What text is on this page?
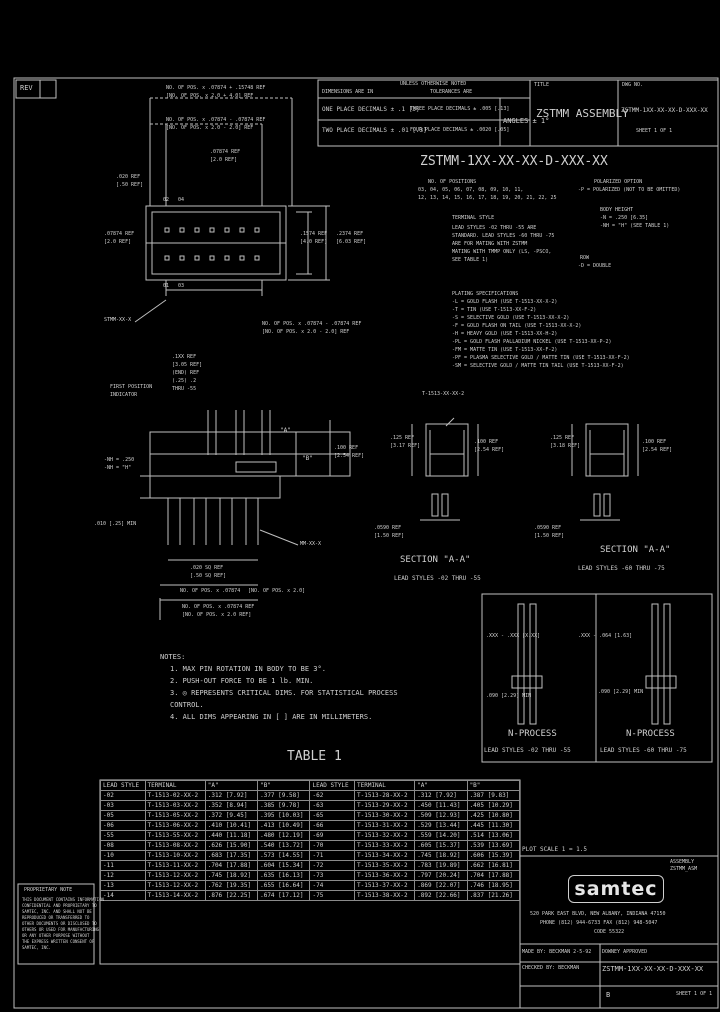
REV	UNLESS OTHERWISE NOTED
DIMENSIONS ARE IN	TOLERANCES ARE
ONE PLACE DECIMALS ± .1 [3]
TWO PLACE DECIMALS ± .01 [.3]
THREE PLACE DECIMALS ± .005 [.13]
FOUR PLACE DECIMALS ± .0020 [.05]
ANGLES ± 1°
TITLE
ZSTMM ASSEMBLY
DWG NO.
ZSTMM-1XX-XX-XX-D-XXX-XX
SHEET 1 OF 1
ZSTMM-1XX-XX-XX-D-XXX-XX
NO. OF POSITIONS
03, 04, 05, 06, 07, 08, 09, 10, 11,
12, 13, 14, 15, 16, 17, 18, 19, 20, 21, 22, 25
TERMINAL STYLE
LEAD STYLES -02 THRU -55 ARE
STANDARD. LEAD STYLES -60 THRU -75
ARE FOR MATING WITH ZSTMM
MATING WITH TMMP ONLY (LS, -PSCO,
SEE TABLE 1)
POLARIZED OPTION
-P = POLARIZED (NOT TO BE OMITTED)
BODY HEIGHT
-N = .250 [6.35]
-NH = "H" (SEE TABLE 1)
ROW
-D = DOUBLE
PLATING SPECIFICATIONS
-L = GOLD FLASH (USE T-1513-XX-X-2)
-T = TIN (USE T-1513-XX-F-2)
-S = SELECTIVE GOLD (USE T-1513-XX-X-2)
-F = GOLD FLASH ON TAIL (USE T-1513-XX-X-2)
-H = HEAVY GOLD (USE T-1513-XX-H-2)
-PL = GOLD FLASH PALLADIUM NICKEL (USE T-1513-XX-P-2)
-FM = MATTE TIN (USE T-1513-XX-F-2)
-PF = PLASMA SELECTIVE GOLD / MATTE TIN (USE T-1513-XX-F-2)
-SM = SELECTIVE GOLD / MATTE TIN TAIL (USE T-1513-XX-F-2)
NO. OF POS. x .07874 + .15748 REF
[NO. OF POS. x 2.0 + 4.0] REF
NO. OF POS. x .07874 - .07874 REF
[NO. OF POS. x 2.0 - 2.0] REF
.07874 REF
[2.0 REF]
.020 REF
[.50 REF]
.07874 REF
[2.0 REF]
.1574 REF
[4.0 REF]
.2374 REF
[6.03 REF]
02 04
01 03
STMM-XX-X
NO. OF POS. x .07874 - .07874 REF
[NO. OF POS. x 2.0 - 2.0] REF
.1XX REF
[3.05 REF]
(END) REF
(.25) .2
THRU -55
FIRST POSITION
INDICATOR
-NH = .250
-NH = "H"
"A"
"B"
.010 [.25] MIN
.100 REF
[2.54 REF]
MM-XX-X
.020 SQ REF
[.50 SQ REF]
NO. OF POS. x .07874 [NO. OF POS. x 2.0]
NO. OF POS. x .07874 REF
[NO. OF POS. x 2.0 REF]
T-1513-XX-XX-2
.125 REF
[3.17 REF]
.100 REF
[2.54 REF]
.0590 REF
[1.50 REF]
SECTION "A-A"
LEAD STYLES -02 THRU -55
.125 REF
[3.18 REF]
.100 REF
[2.54 REF]
.0590 REF
[1.50 REF]
SECTION "A-A"
LEAD STYLES -60 THRU -75
.XXX - .XXX [X.XX]
.090 [2.29] MIN
N-PROCESS
LEAD STYLES -02 THRU -55
.XXX - .064 [1.63]
.090 [2.29] MIN
N-PROCESS
LEAD STYLES -60 THRU -75
NOTES:
1. MAX PIN ROTATION IN BODY TO BE 3°.
2. PUSH-OUT FORCE TO BE 1 lb. MIN.
3. ◎ REPRESENTS CRITICAL DIMS. FOR STATISTICAL PROCESS
CONTROL.
4. ALL DIMS APPEARING IN [ ] ARE IN MILLIMETERS.
TABLE 1
LEAD STYLE	TERMINAL	"A"	"B"	LEAD STYLE	TERMINAL	"A"	"B"
-02	T-1513-02-XX-2	.312 [7.92]	.377 [9.58]	-62	T-1513-28-XX-2	.312 [7.92]	.387 [9.83]
-03	T-1513-03-XX-2	.352 [8.94]	.385 [9.78]	-63	T-1513-29-XX-2	.450 [11.43]	.405 [10.29]
-05	T-1513-05-XX-2	.372 [9.45]	.395 [10.03]	-65	T-1513-30-XX-2	.509 [12.93]	.425 [10.80]
-06	T-1513-06-XX-2	.410 [10.41]	.413 [10.49]	-66	T-1513-31-XX-2	.529 [13.44]	.445 [11.30]
-55	T-1513-55-XX-2	.440 [11.18]	.480 [12.19]	-69	T-1513-32-XX-2	.559 [14.20]	.514 [13.06]
-08	T-1513-08-XX-2	.626 [15.90]	.540 [13.72]	-70	T-1513-33-XX-2	.605 [15.37]	.539 [13.69]
-10	T-1513-10-XX-2	.683 [17.35]	.573 [14.55]	-71	T-1513-34-XX-2	.745 [18.92]	.606 [15.39]
-11	T-1513-11-XX-2	.704 [17.88]	.604 [15.34]	-72	T-1513-35-XX-2	.783 [19.89]	.662 [16.81]
-12	T-1513-12-XX-2	.745 [18.92]	.635 [16.13]	-73	T-1513-36-XX-2	.797 [20.24]	.704 [17.88]
-13	T-1513-12-XX-2	.762 [19.35]	.655 [16.64]	-74	T-1513-37-XX-2	.869 [22.07]	.746 [18.95]
-14	T-1513-14-XX-2	.876 [22.25]	.674 [17.12]	-75	T-1513-38-XX-2	.892 [22.66]	.837 [21.26]
PROPRIETARY NOTE
THIS DOCUMENT CONTAINS INFORMATION
CONFIDENTIAL AND PROPRIETARY TO
SAMTEC, INC. AND SHALL NOT BE
REPRODUCED OR TRANSFERRED TO
OTHER DOCUMENTS OR DISCLOSED TO
OTHERS OR USED FOR MANUFACTURING
OR ANY OTHER PURPOSE WITHOUT
THE EXPRESS WRITTEN CONSENT OF
SAMTEC, INC.
PLOT SCALE 1 = 1.5
ASSEMBLY
ZSTMM_ASM
samtec
520 PARK EAST BLVD, NEW ALBANY, INDIANA 47150
PHONE (812) 944-6733 FAX (812) 948-5047
CODE 55322
MADE BY: BECKMAN 2-5-92
CHECKED BY: BECKMAN
DOWNEY APPROVED
ZSTMM-1XX-XX-XX-D-XXX-XX
SHEET 1 OF 1
B
